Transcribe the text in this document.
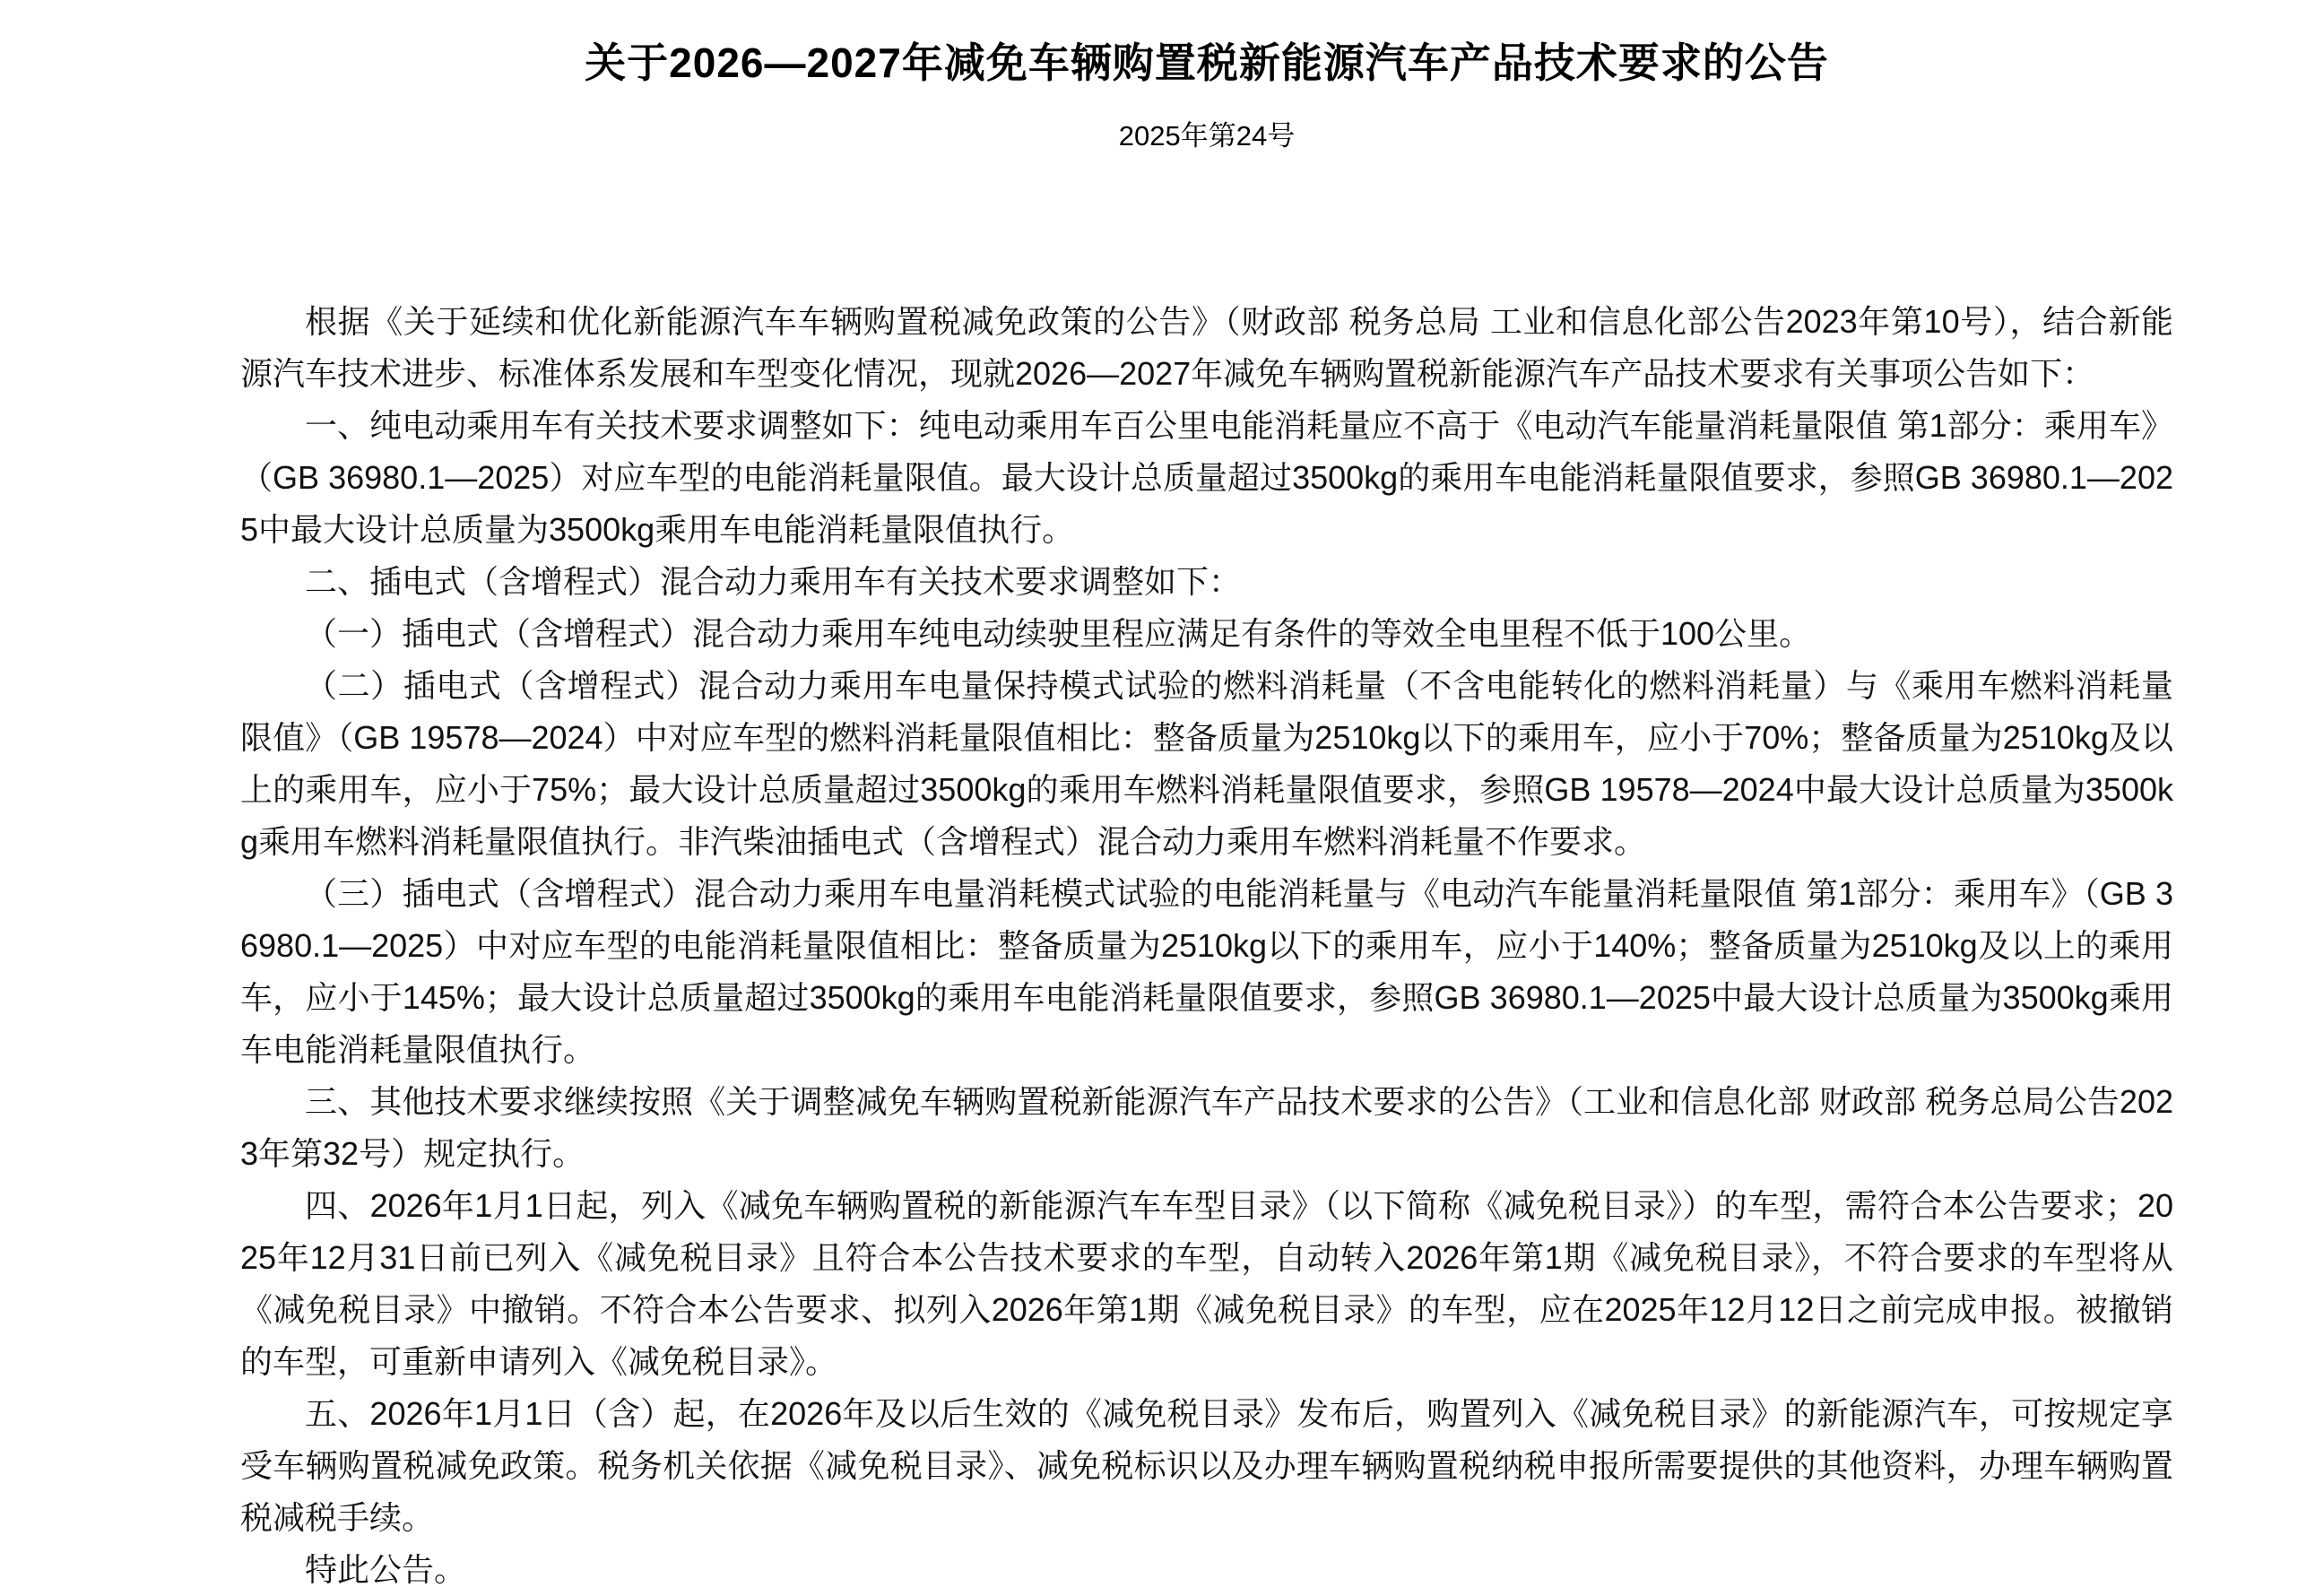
关于2026—2027年减免车辆购置税新能源汽车产品技术要求的公告
2025年第24号

根据《关于延续和优化新能源汽车车辆购置税减免政策的公告》（财政部 税务总局 工业和信息化部公告2023年第10号），结合新能源汽车技术进步、标准体系发展和车型变化情况，现就2026—2027年减免车辆购置税新能源汽车产品技术要求有关事项公告如下：

一、纯电动乘用车有关技术要求调整如下：纯电动乘用车百公里电能消耗量应不高于《电动汽车能量消耗量限值 第1部分：乘用车》（GB 36980.1—2025）对应车型的电能消耗量限值。最大设计总质量超过3500kg的乘用车电能消耗量限值要求，参照GB 36980.1—2025中最大设计总质量为3500kg乘用车电能消耗量限值执行。

二、插电式（含增程式）混合动力乘用车有关技术要求调整如下：

（一）插电式（含增程式）混合动力乘用车纯电动续驶里程应满足有条件的等效全电里程不低于100公里。

（二）插电式（含增程式）混合动力乘用车电量保持模式试验的燃料消耗量（不含电能转化的燃料消耗量）与《乘用车燃料消耗量限值》（GB 19578—2024）中对应车型的燃料消耗量限值相比：整备质量为2510kg以下的乘用车，应小于70%；整备质量为2510kg及以上的乘用车，应小于75%；最大设计总质量超过3500kg的乘用车燃料消耗量限值要求，参照GB 19578—2024中最大设计总质量为3500kg乘用车燃料消耗量限值执行。非汽柴油插电式（含增程式）混合动力乘用车燃料消耗量不作要求。

（三）插电式（含增程式）混合动力乘用车电量消耗模式试验的电能消耗量与《电动汽车能量消耗量限值 第1部分：乘用车》（GB 36980.1—2025）中对应车型的电能消耗量限值相比：整备质量为2510kg以下的乘用车，应小于140%；整备质量为2510kg及以上的乘用车，应小于145%；最大设计总质量超过3500kg的乘用车电能消耗量限值要求，参照GB 36980.1—2025中最大设计总质量为3500kg乘用车电能消耗量限值执行。

三、其他技术要求继续按照《关于调整减免车辆购置税新能源汽车产品技术要求的公告》（工业和信息化部 财政部 税务总局公告2023年第32号）规定执行。

四、2026年1月1日起，列入《减免车辆购置税的新能源汽车车型目录》（以下简称《减免税目录》）的车型，需符合本公告要求；2025年12月31日前已列入《减免税目录》且符合本公告技术要求的车型，自动转入2026年第1期《减免税目录》，不符合要求的车型将从《减免税目录》中撤销。不符合本公告要求、拟列入2026年第1期《减免税目录》的车型，应在2025年12月12日之前完成申报。被撤销的车型，可重新申请列入《减免税目录》。

五、2026年1月1日（含）起，在2026年及以后生效的《减免税目录》发布后，购置列入《减免税目录》的新能源汽车，可按规定享受车辆购置税减免政策。税务机关依据《减免税目录》、减免税标识以及办理车辆购置税纳税申报所需要提供的其他资料，办理车辆购置税减税手续。

特此公告。
